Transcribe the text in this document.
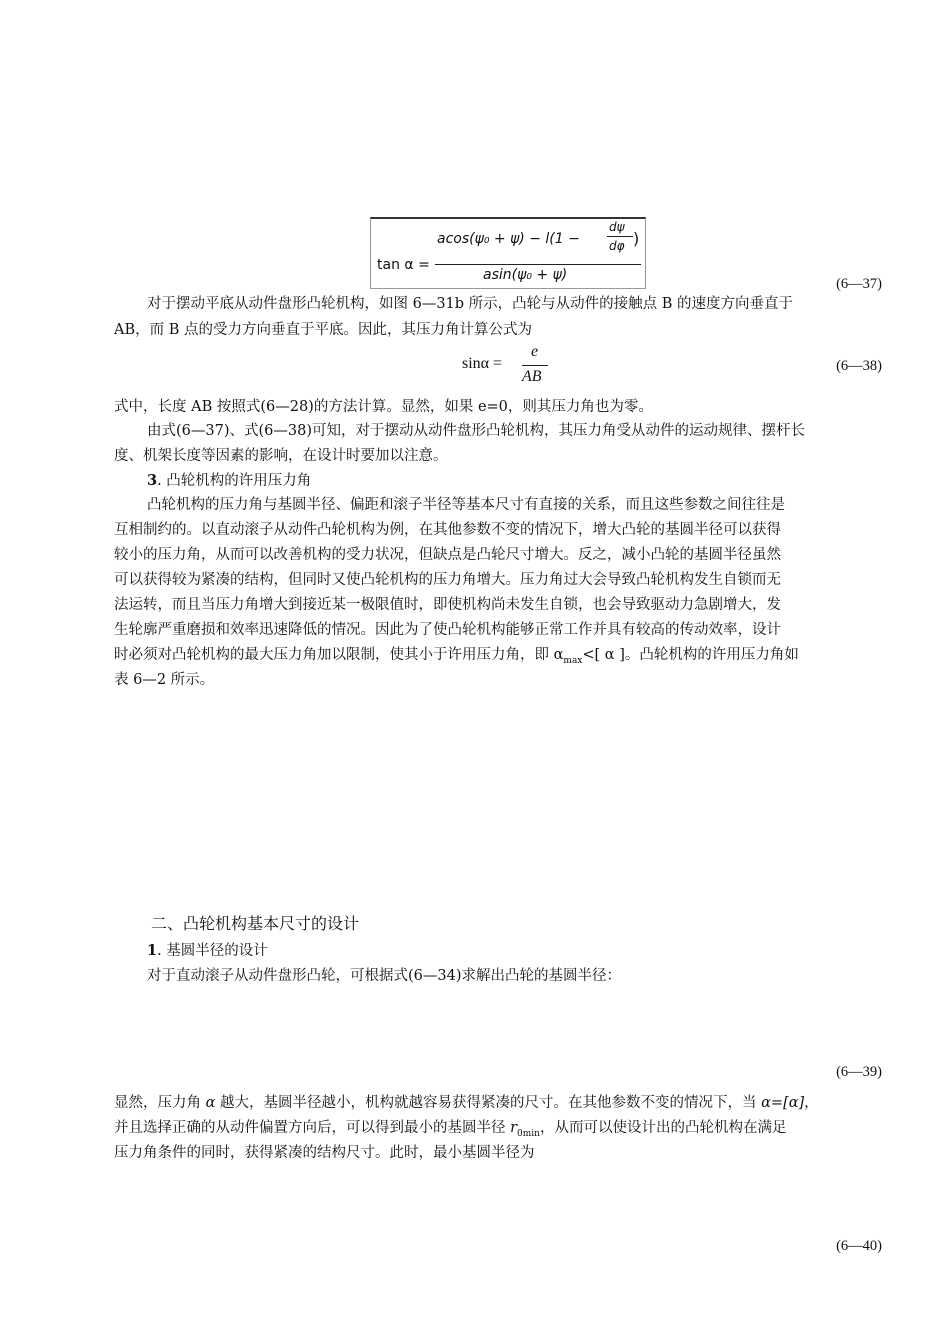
tan α =
acos(ψ₀ + ψ) − l(1 −
dψ
dφ )
asin(ψ₀ + ψ)
(6—37)
对于摆动平底从动件盘形凸轮机构，如图 6—31b 所示，凸轮与从动件的接触点 B 的速度方向垂直于
AB，而 B 点的受力方向垂直于平底。因此，其压力角计算公式为
sinα =
e
AB
(6—38)
式中，长度 AB 按照式(6—28)的方法计算。显然，如果 e=0，则其压力角也为零。
由式(6—37)、式(6—38)可知，对于摆动从动件盘形凸轮机构，其压力角受从动件的运动规律、摆杆长
度、机架长度等因素的影响，在设计时要加以注意。
3. 凸轮机构的许用压力角
凸轮机构的压力角与基圆半径、偏距和滚子半径等基本尺寸有直接的关系，而且这些参数之间往往是
互相制约的。以直动滚子从动件凸轮机构为例，在其他参数不变的情况下，增大凸轮的基圆半径可以获得
较小的压力角，从而可以改善机构的受力状况，但缺点是凸轮尺寸增大。反之，减小凸轮的基圆半径虽然
可以获得较为紧凑的结构，但同时又使凸轮机构的压力角增大。压力角过大会导致凸轮机构发生自锁而无
法运转，而且当压力角增大到接近某一极限值时，即使机构尚未发生自锁，也会导致驱动力急剧增大，发
生轮廓严重磨损和效率迅速降低的情况。因此为了使凸轮机构能够正常工作并具有较高的传动效率，设计
时必须对凸轮机构的最大压力角加以限制，使其小于许用压力角，即 $\alpha_{max}<$[ α ]。凸轮机构的许用压力角如
表 6—2 所示。
二、凸轮机构基本尺寸的设计
1. 基圆半径的设计
对于直动滚子从动件盘形凸轮，可根据式(6—34)求解出凸轮的基圆半径：
(6—39)
显然，压力角 α 越大，基圆半径越小，机构就越容易获得紧凑的尺寸。在其他参数不变的情况下，当 α=[α]，
并且选择正确的从动件偏置方向后，可以得到最小的基圆半径 $r_{0min}$，从而可以使设计出的凸轮机构在满足
压力角条件的同时，获得紧凑的结构尺寸。此时，最小基圆半径为
(6—40)
